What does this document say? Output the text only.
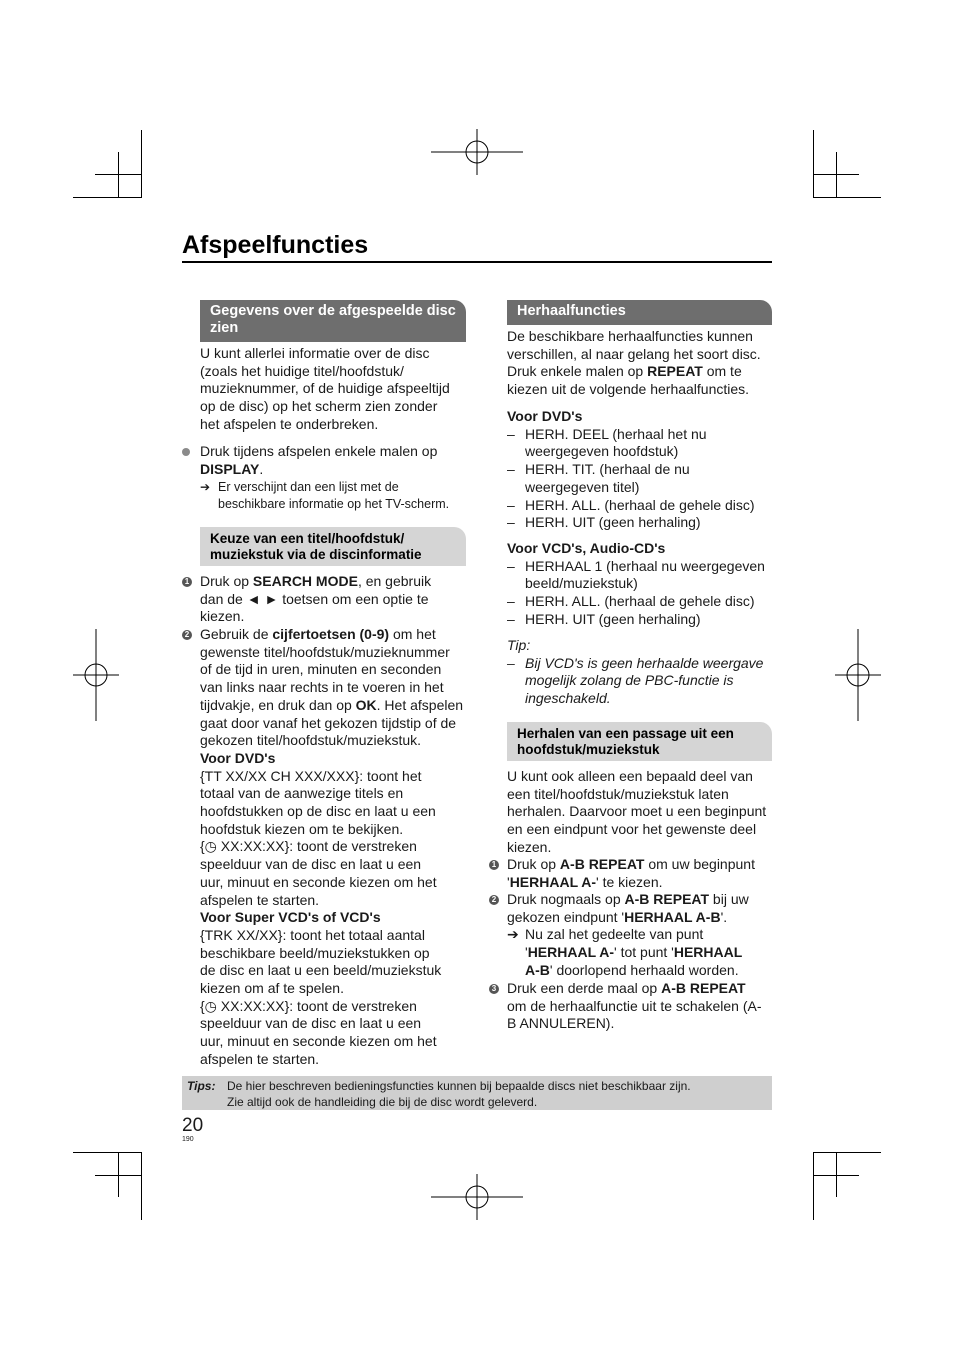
Afspeelfuncties
Gegevens over de afgespeelde disc zien
U kunt allerlei informatie over de disc
(zoals het huidige titel/hoofdstuk/
muzieknummer, of de huidige afspeeltijd
op de disc) op het scherm zien zonder
het afspelen te onderbreken.
Druk tijdens afspelen enkele malen op
DISPLAY.
➔ Er verschijnt dan een lijst met de
beschikbare informatie op het TV-scherm.
Keuze van een titel/hoofdstuk/ muziekstuk via de discinformatie
1 Druk op SEARCH MODE, en gebruik
dan de ◄ ► toetsen om een optie te
kiezen.
2 Gebruik de cijfertoetsen (0-9) om het
gewenste titel/hoofdstuk/muzieknummer
of de tijd in uren, minuten en seconden
van links naar rechts in te voeren in het
tijdvakje, en druk dan op OK. Het afspelen
gaat door vanaf het gekozen tijdstip of de
gekozen titel/hoofdstuk/muziekstuk.
Voor DVD's
{TT XX/XX CH XXX/XXX}: toont het
totaal van de aanwezige titels en
hoofdstukken op de disc en laat u een
hoofdstuk kiezen om te bekijken.
{◷ XX:XX:XX}: toont de verstreken
speelduur van de disc en laat u een
uur, minuut en seconde kiezen om het
afspelen te starten.
Voor Super VCD's of VCD's
{TRK XX/XX}: toont het totaal aantal
beschikbare beeld/muziekstukken op
de disc en laat u een beeld/muziekstuk
kiezen om af te spelen.
{◷ XX:XX:XX}: toont de verstreken
speelduur van de disc en laat u een
uur, minuut en seconde kiezen om het
afspelen te starten.
Herhaalfuncties
De beschikbare herhaalfuncties kunnen
verschillen, al naar gelang het soort disc.
Druk enkele malen op REPEAT om te
kiezen uit de volgende herhaalfuncties.
Voor DVD's
– HERH. DEEL (herhaal het nu
weergegeven hoofdstuk)
– HERH. TIT. (herhaal de nu
weergegeven titel)
– HERH. ALL. (herhaal de gehele disc)
– HERH. UIT (geen herhaling)
Voor VCD's, Audio-CD's
– HERHAAL 1 (herhaal nu weergegeven
beeld/muziekstuk)
– HERH. ALL. (herhaal de gehele disc)
– HERH. UIT (geen herhaling)
Tip:
– Bij VCD's is geen herhaalde weergave
mogelijk zolang de PBC-functie is
ingeschakeld.
Herhalen van een passage uit een hoofdstuk/muziekstuk
U kunt ook alleen een bepaald deel van
een titel/hoofdstuk/muziekstuk laten
herhalen. Daarvoor moet u een beginpunt
en een eindpunt voor het gewenste deel
kiezen.
1 Druk op A-B REPEAT om uw beginpunt
'HERHAAL A-' te kiezen.
2 Druk nogmaals op A-B REPEAT bij uw
gekozen eindpunt 'HERHAAL A-B'.
➔ Nu zal het gedeelte van punt
'HERHAAL A-' tot punt 'HERHAAL
A-B' doorlopend herhaald worden.
3 Druk een derde maal op A-B REPEAT
om de herhaalfunctie uit te schakelen (A-
B ANNULEREN).
Tips: De hier beschreven bedieningsfuncties kunnen bij bepaalde discs niet beschikbaar zijn.
Zie altijd ook de handleiding die bij de disc wordt geleverd.
20
190
